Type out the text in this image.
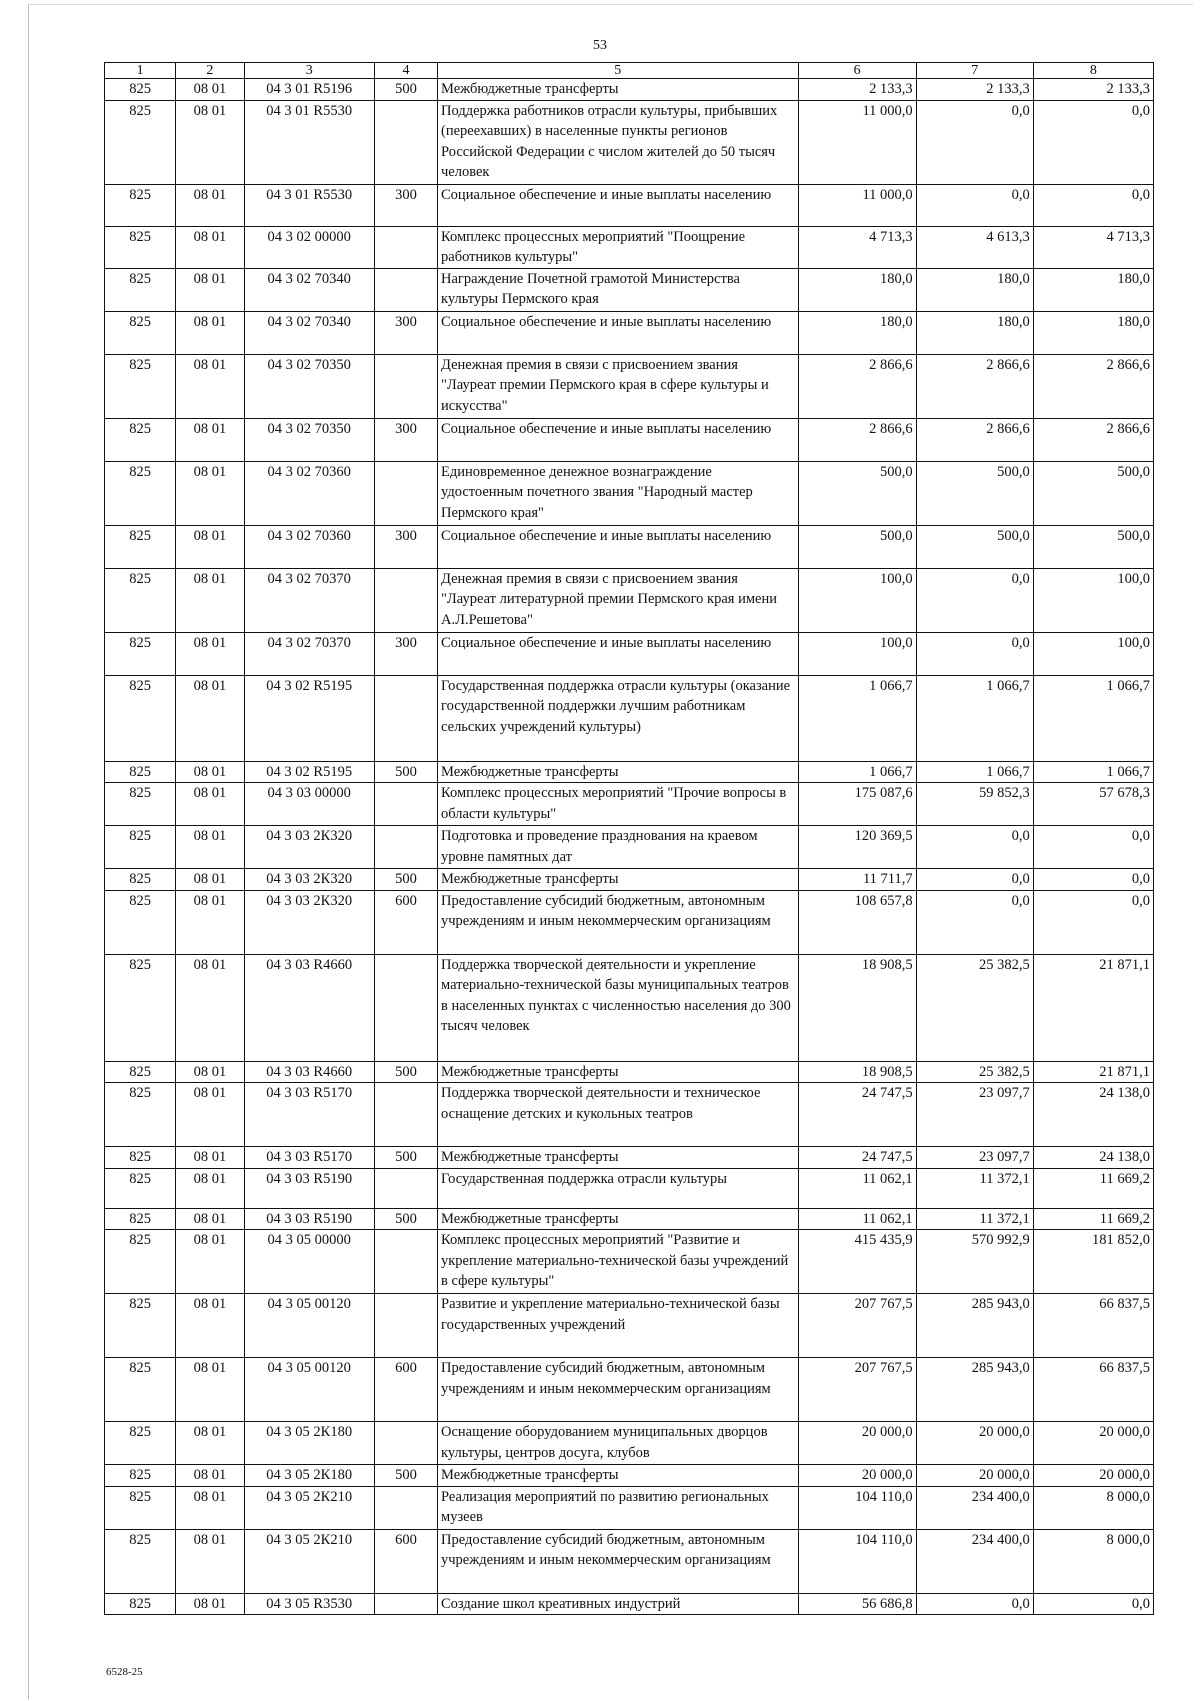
53
1	2	3	4	5	6	7	8
825	08 01	04 3 01 R5196	500	Межбюджетные трансферты	2 133,3	2 133,3	2 133,3
825	08 01	04 3 01 R5530		Поддержка работников отрасли культуры, прибывших (переехавших) в населенные пункты регионов Российской Федерации с числом жителей до 50 тысяч человек	11 000,0	0,0	0,0
825	08 01	04 3 01 R5530	300	Социальное обеспечение и иные выплаты населению	11 000,0	0,0	0,0
825	08 01	04 3 02 00000		Комплекс процессных мероприятий "Поощрение работников культуры"	4 713,3	4 613,3	4 713,3
825	08 01	04 3 02 70340		Награждение Почетной грамотой Министерства культуры Пермского края	180,0	180,0	180,0
825	08 01	04 3 02 70340	300	Социальное обеспечение и иные выплаты населению	180,0	180,0	180,0
825	08 01	04 3 02 70350		Денежная премия в связи с присвоением звания "Лауреат премии Пермского края в сфере культуры и искусства"	2 866,6	2 866,6	2 866,6
825	08 01	04 3 02 70350	300	Социальное обеспечение и иные выплаты населению	2 866,6	2 866,6	2 866,6
825	08 01	04 3 02 70360		Единовременное денежное вознаграждение удостоенным почетного звания "Народный мастер Пермского края"	500,0	500,0	500,0
825	08 01	04 3 02 70360	300	Социальное обеспечение и иные выплаты населению	500,0	500,0	500,0
825	08 01	04 3 02 70370		Денежная премия в связи с присвоением звания "Лауреат литературной премии Пермского края имени А.Л.Решетова"	100,0	0,0	100,0
825	08 01	04 3 02 70370	300	Социальное обеспечение и иные выплаты населению	100,0	0,0	100,0
825	08 01	04 3 02 R5195		Государственная поддержка отрасли культуры (оказание государственной поддержки лучшим работникам сельских учреждений культуры)	1 066,7	1 066,7	1 066,7
825	08 01	04 3 02 R5195	500	Межбюджетные трансферты	1 066,7	1 066,7	1 066,7
825	08 01	04 3 03 00000		Комплекс процессных мероприятий "Прочие вопросы в области культуры"	175 087,6	59 852,3	57 678,3
825	08 01	04 3 03 2К320		Подготовка и проведение празднования на краевом уровне памятных дат	120 369,5	0,0	0,0
825	08 01	04 3 03 2К320	500	Межбюджетные трансферты	11 711,7	0,0	0,0
825	08 01	04 3 03 2К320	600	Предоставление субсидий бюджетным, автономным учреждениям и иным некоммерческим организациям	108 657,8	0,0	0,0
825	08 01	04 3 03 R4660		Поддержка творческой деятельности и укрепление материально-технической базы муниципальных театров в населенных пунктах с численностью населения до 300 тысяч человек	18 908,5	25 382,5	21 871,1
825	08 01	04 3 03 R4660	500	Межбюджетные трансферты	18 908,5	25 382,5	21 871,1
825	08 01	04 3 03 R5170		Поддержка творческой деятельности и техническое оснащение детских и кукольных театров	24 747,5	23 097,7	24 138,0
825	08 01	04 3 03 R5170	500	Межбюджетные трансферты	24 747,5	23 097,7	24 138,0
825	08 01	04 3 03 R5190		Государственная поддержка отрасли культуры	11 062,1	11 372,1	11 669,2
825	08 01	04 3 03 R5190	500	Межбюджетные трансферты	11 062,1	11 372,1	11 669,2
825	08 01	04 3 05 00000		Комплекс процессных мероприятий "Развитие и укрепление материально-технической базы учреждений в сфере культуры"	415 435,9	570 992,9	181 852,0
825	08 01	04 3 05 00120		Развитие и укрепление материально-технической базы государственных учреждений	207 767,5	285 943,0	66 837,5
825	08 01	04 3 05 00120	600	Предоставление субсидий бюджетным, автономным учреждениям и иным некоммерческим организациям	207 767,5	285 943,0	66 837,5
825	08 01	04 3 05 2К180		Оснащение оборудованием муниципальных дворцов культуры, центров досуга, клубов	20 000,0	20 000,0	20 000,0
825	08 01	04 3 05 2К180	500	Межбюджетные трансферты	20 000,0	20 000,0	20 000,0
825	08 01	04 3 05 2К210		Реализация мероприятий по развитию региональных музеев	104 110,0	234 400,0	8 000,0
825	08 01	04 3 05 2К210	600	Предоставление субсидий бюджетным, автономным учреждениям и иным некоммерческим организациям	104 110,0	234 400,0	8 000,0
825	08 01	04 3 05 R3530		Создание школ креативных индустрий	56 686,8	0,0	0,0
6528-25
